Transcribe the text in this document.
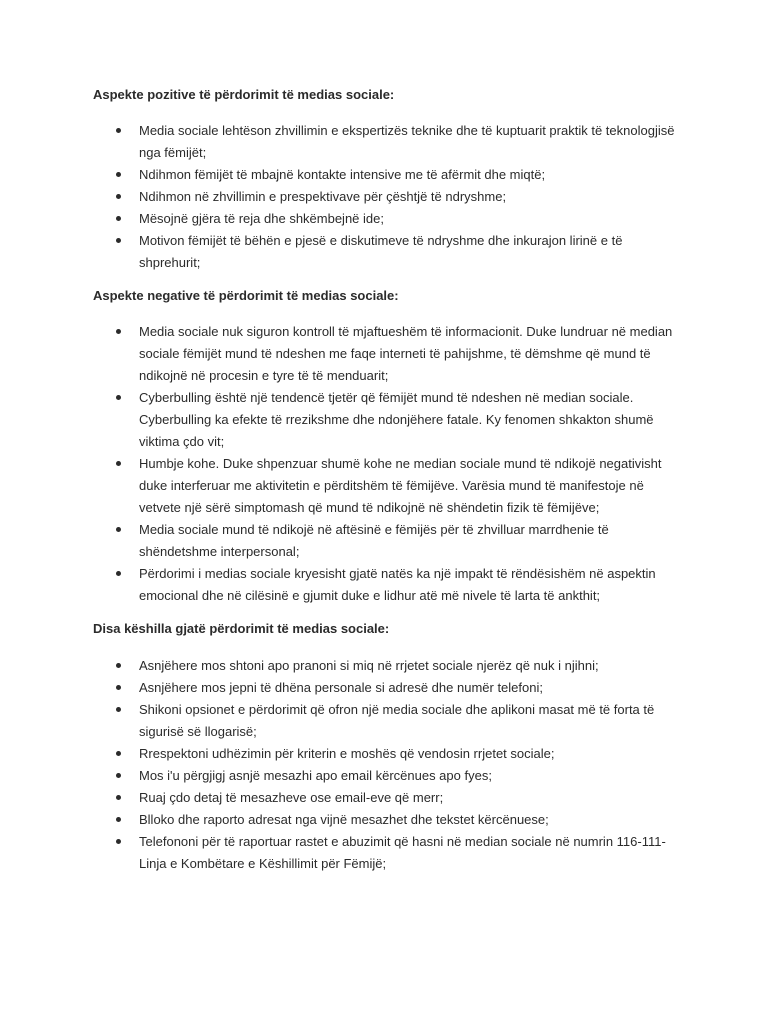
Aspekte pozitive të përdorimit të medias sociale:
Media sociale lehtëson zhvillimin e ekspertizës teknike dhe të kuptuarit praktik të teknologjisë nga fëmijët;
Ndihmon fëmijët të mbajnë kontakte intensive me të afërmit dhe miqtë;
Ndihmon në zhvillimin e prespektivave për çështjë të ndryshme;
Mësojnë gjëra të reja dhe shkëmbejnë ide;
Motivon fëmijët të bëhën e pjesë e diskutimeve të ndryshme dhe inkurajon lirinë e të shprehurit;
Aspekte negative të përdorimit të medias sociale:
Media sociale nuk siguron kontroll të mjaftueshëm të informacionit. Duke lundruar në median sociale fëmijët mund të ndeshen me faqe interneti të pahijshme, të dëmshme që mund të ndikojnë në procesin e tyre të të menduarit;
Cyberbulling është një tendencë tjetër që fëmijët mund të ndeshen në median sociale. Cyberbulling ka efekte të rrezikshme dhe ndonjëhere fatale. Ky fenomen shkakton shumë viktima çdo vit;
Humbje kohe. Duke shpenzuar shumë kohe ne median sociale mund të ndikojë negativisht duke interferuar me aktivitetin e përditshëm të fëmijëve. Varësia mund të manifestoje në vetvete një sërë simptomash që mund të ndikojnë në shëndetin fizik të fëmijëve;
Media sociale mund të ndikojë në aftësinë e fëmijës për të zhvilluar marrdhenie të shëndetshme interpersonal;
Përdorimi i medias sociale kryesisht gjatë natës ka një impakt të rëndësishëm në aspektin emocional dhe në cilësinë e gjumit duke e lidhur atë më nivele të larta të ankthit;
Disa këshilla gjatë përdorimit të medias sociale:
Asnjëhere mos shtoni apo pranoni si miq në rrjetet sociale njerëz që nuk i njihni;
Asnjëhere mos jepni të dhëna personale si adresë dhe numër telefoni;
Shikoni opsionet e përdorimit që ofron një media sociale dhe aplikoni masat më të forta të sigurisë së llogarisë;
Rrespektoni udhëzimin për kriterin e moshës që vendosin rrjetet sociale;
Mos i'u përgjigj asnjë mesazhi apo email kërcënues apo fyes;
Ruaj çdo detaj të mesazheve ose email-eve që merr;
Blloko dhe raporto adresat nga vijnë mesazhet dhe tekstet kërcënuese;
Telefononi për të raportuar rastet e abuzimit që hasni në median sociale në numrin 116-111- Linja e Kombëtare e Këshillimit për Fëmijë;
